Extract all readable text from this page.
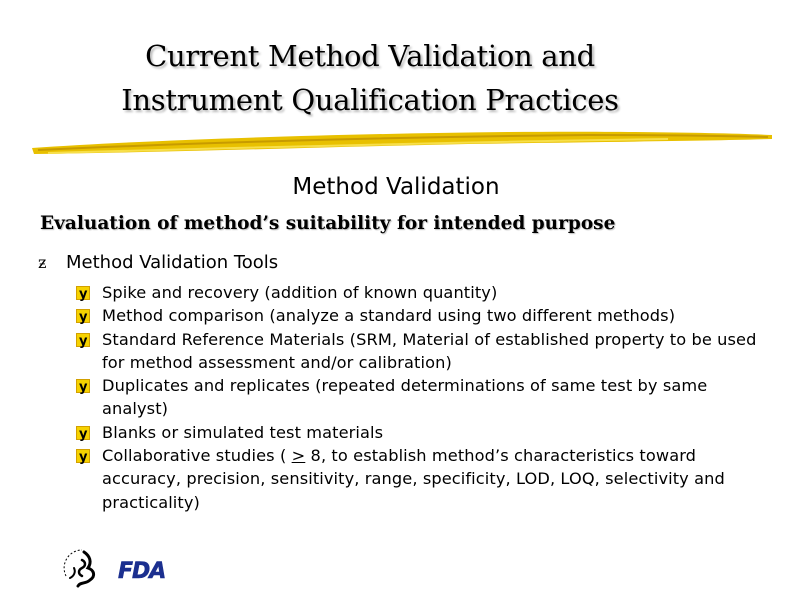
Current Method Validation and
Instrument Qualification Practices
Method Validation
Evaluation of method’s suitability for intended purpose
ƶ Method Validation Tools
y
Spike and recovery (addition of known quantity)
y
Method comparison (analyze a standard using two different methods)
y
Standard Reference Materials (SRM, Material of established property to be used for method assessment and/or calibration)
y
Duplicates and replicates (repeated determinations of same test by same analyst)
y
Blanks or simulated test materials
y
Collaborative studies ( ≥ 8, to establish method’s characteristics toward accuracy, precision, sensitivity, range, specificity, LOD, LOQ, selectivity and practicality)
FDA
